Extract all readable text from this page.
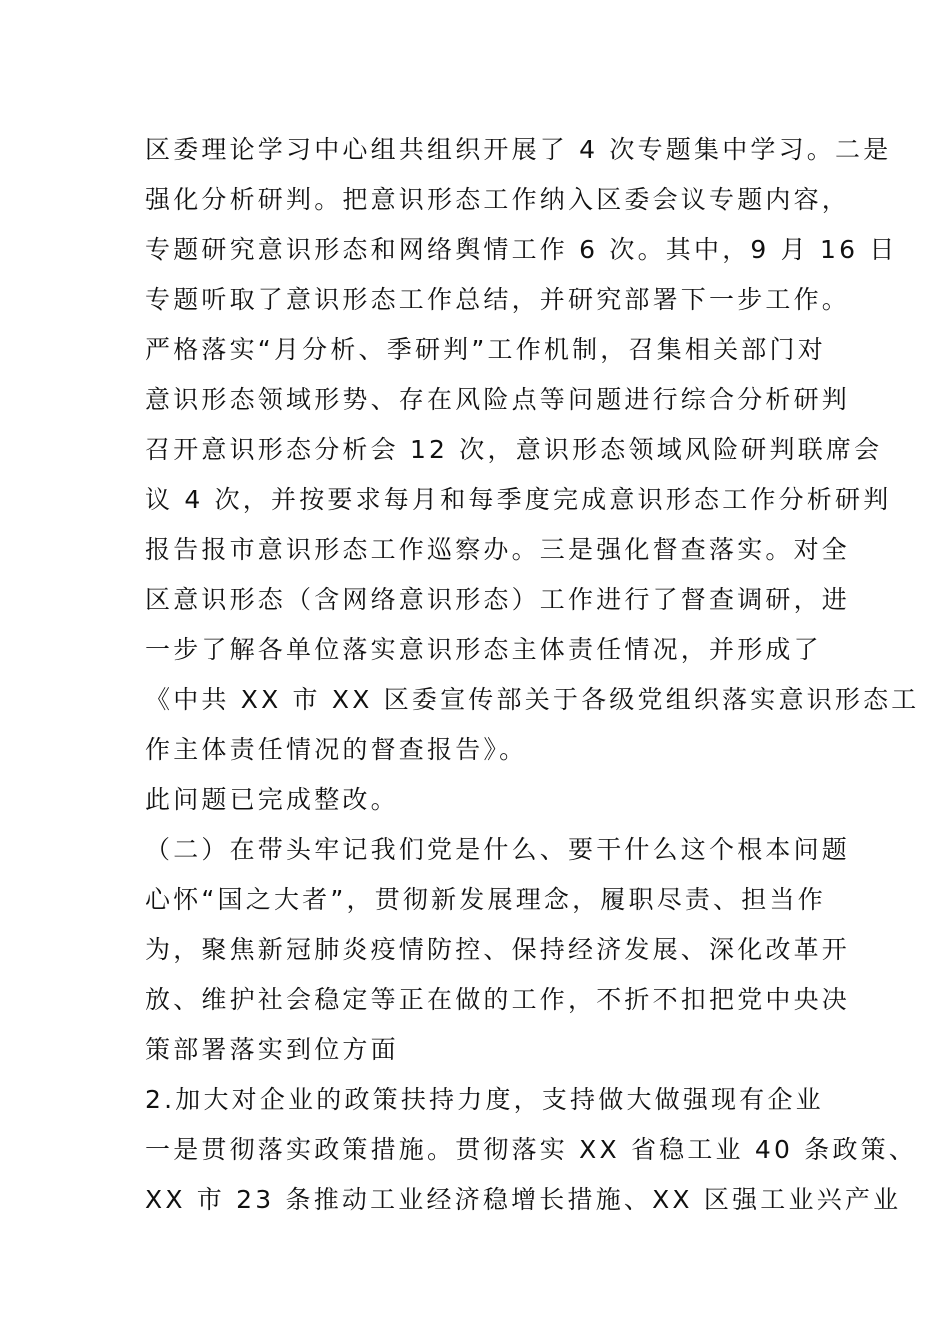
区委理论学习中心组共组织开展了 4 次专题集中学习。二是
强化分析研判。把意识形态工作纳入区委会议专题内容，
专题研究意识形态和网络舆情工作 6 次。其中，9 月 16 日
专题听取了意识形态工作总结，并研究部署下一步工作。
严格落实“月分析、季研判”工作机制，召集相关部门对
意识形态领域形势、存在风险点等问题进行综合分析研判
召开意识形态分析会 12 次，意识形态领域风险研判联席会
议 4 次，并按要求每月和每季度完成意识形态工作分析研判
报告报市意识形态工作巡察办。三是强化督查落实。对全
区意识形态（含网络意识形态）工作进行了督查调研，进
一步了解各单位落实意识形态主体责任情况，并形成了
《中共 XX 市 XX 区委宣传部关于各级党组织落实意识形态工
作主体责任情况的督查报告》。
此问题已完成整改。
（二）在带头牢记我们党是什么、要干什么这个根本问题
心怀“国之大者”，贯彻新发展理念，履职尽责、担当作
为，聚焦新冠肺炎疫情防控、保持经济发展、深化改革开
放、维护社会稳定等正在做的工作，不折不扣把党中央决
策部署落实到位方面
2.加大对企业的政策扶持力度，支持做大做强现有企业
一是贯彻落实政策措施。贯彻落实 XX 省稳工业 40 条政策、
XX 市 23 条推动工业经济稳增长措施、XX 区强工业兴产业
